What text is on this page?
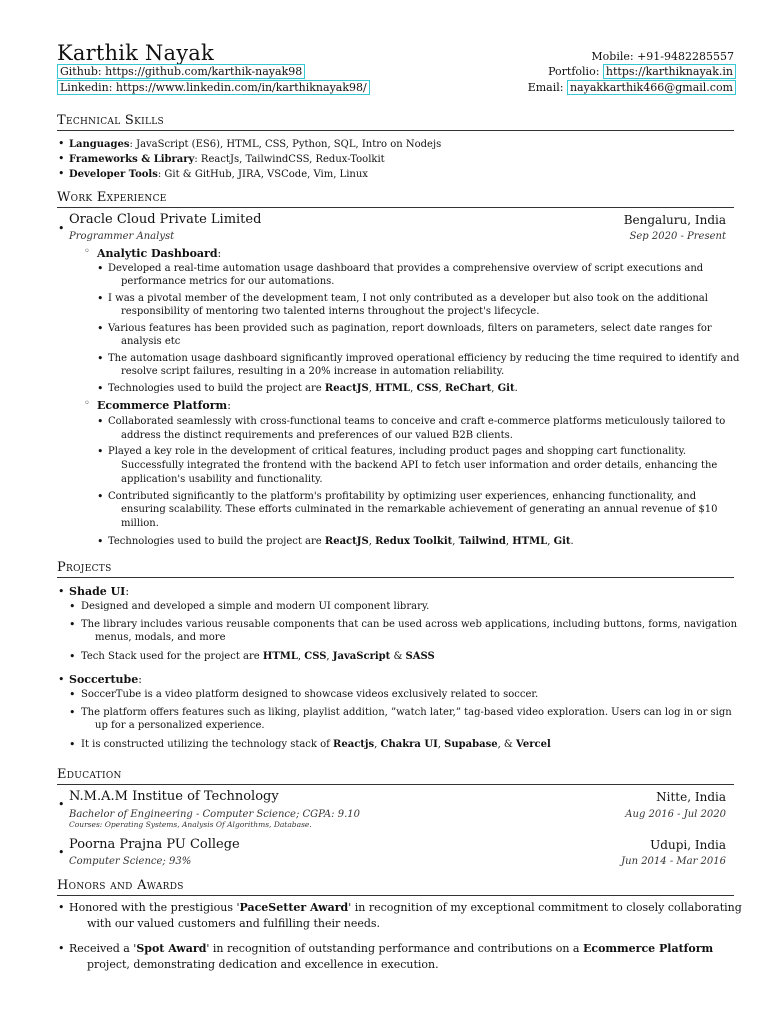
Karthik Nayak
Github: https://github.com/karthik-nayak98
Linkedin: https://www.linkedin.com/in/karthiknayak98/
Mobile: +91-9482285557
Portfolio: https://karthiknayak.in
Email: nayakkarthik466@gmail.com
Technical Skills
• Languages: JavaScript (ES6), HTML, CSS, Python, SQL, Intro on Nodejs
• Frameworks & Library: ReactJs, TailwindCSS, Redux-Toolkit
• Developer Tools: Git & GitHub, JIRA, VSCode, Vim, Linux
Work Experience
•
Oracle Cloud Private Limited	Bengaluru, India
Programmer Analyst	Sep 2020 - Present
◦ Analytic Dashboard:
• Developed a real-time automation usage dashboard that provides a comprehensive overview of script executions and
performance metrics for our automations.
• I was a pivotal member of the development team, I not only contributed as a developer but also took on the additional
responsibility of mentoring two talented interns throughout the project's lifecycle.
• Various features has been provided such as pagination, report downloads, filters on parameters, select date ranges for
analysis etc
• The automation usage dashboard significantly improved operational efficiency by reducing the time required to identify and
resolve script failures, resulting in a 20% increase in automation reliability.
• Technologies used to build the project are ReactJS, HTML, CSS, ReChart, Git.
◦ Ecommerce Platform:
• Collaborated seamlessly with cross-functional teams to conceive and craft e-commerce platforms meticulously tailored to
address the distinct requirements and preferences of our valued B2B clients.
• Played a key role in the development of critical features, including product pages and shopping cart functionality.
Successfully integrated the frontend with the backend API to fetch user information and order details, enhancing the
application's usability and functionality.
• Contributed significantly to the platform's profitability by optimizing user experiences, enhancing functionality, and
ensuring scalability. These efforts culminated in the remarkable achievement of generating an annual revenue of $10
million.
• Technologies used to build the project are ReactJS, Redux Toolkit, Tailwind, HTML, Git.
Projects
• Shade UI:
• Designed and developed a simple and modern UI component library.
• The library includes various reusable components that can be used across web applications, including buttons, forms, navigation
menus, modals, and more
• Tech Stack used for the project are HTML, CSS, JavaScript & SASS
• Soccertube:
• SoccerTube is a video platform designed to showcase videos exclusively related to soccer.
• The platform offers features such as liking, playlist addition, ”watch later,” tag-based video exploration. Users can log in or sign
up for a personalized experience.
• It is constructed utilizing the technology stack of Reactjs, Chakra UI, Supabase, & Vercel
Education
•
N.M.A.M Institue of Technology	Nitte, India
Bachelor of Engineering - Computer Science; CGPA: 9.10	Aug 2016 - Jul 2020
Courses: Operating Systems, Analysis Of Algorithms, Database.
•
Poorna Prajna PU College	Udupi, India
Computer Science; 93%	Jun 2014 - Mar 2016
Honors and Awards
• Honored with the prestigious 'PaceSetter Award' in recognition of my exceptional commitment to closely collaborating
with our valued customers and fulfilling their needs.
• Received a 'Spot Award' in recognition of outstanding performance and contributions on a Ecommerce Platform
project, demonstrating dedication and excellence in execution.
